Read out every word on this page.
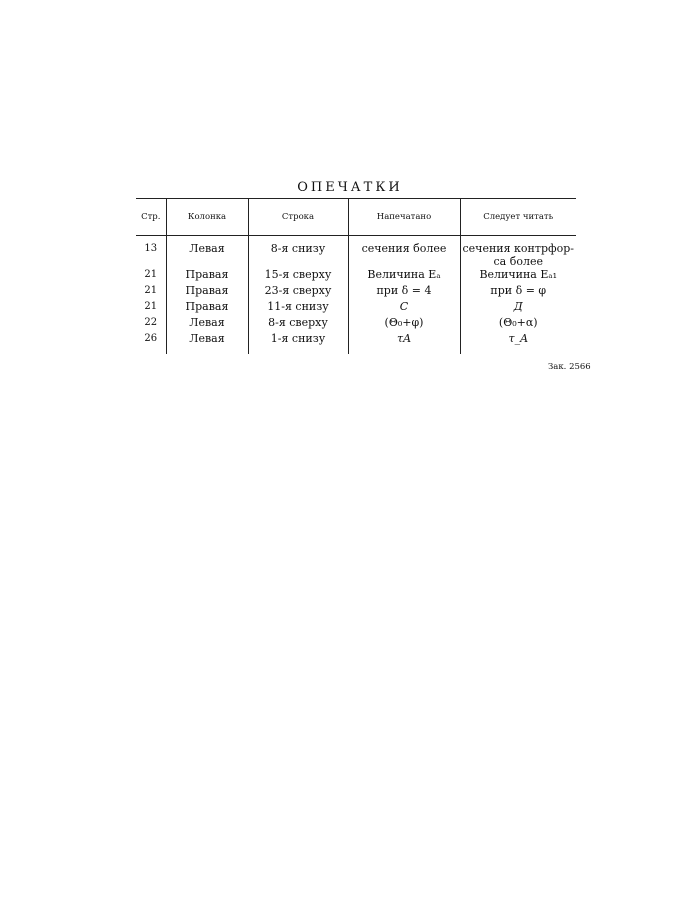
ОПЕЧАТКИ
Стр.	Колонка	Строка	Напечатано	Следует читать
13	Левая	8-я снизу	сечения более	сечения контрфор-са более
21	Правая	15-я сверху	Величина Eₐ	Величина Eₐ₁
21	Правая	23-я сверху	при δ = 4	при δ = φ
21	Правая	11-я снизу	C	Д
22	Левая	8-я сверху	(Θ₀+φ)	(Θ₀+α)
26	Левая	1-я снизу	τA	τ_A
Зак. 2566
